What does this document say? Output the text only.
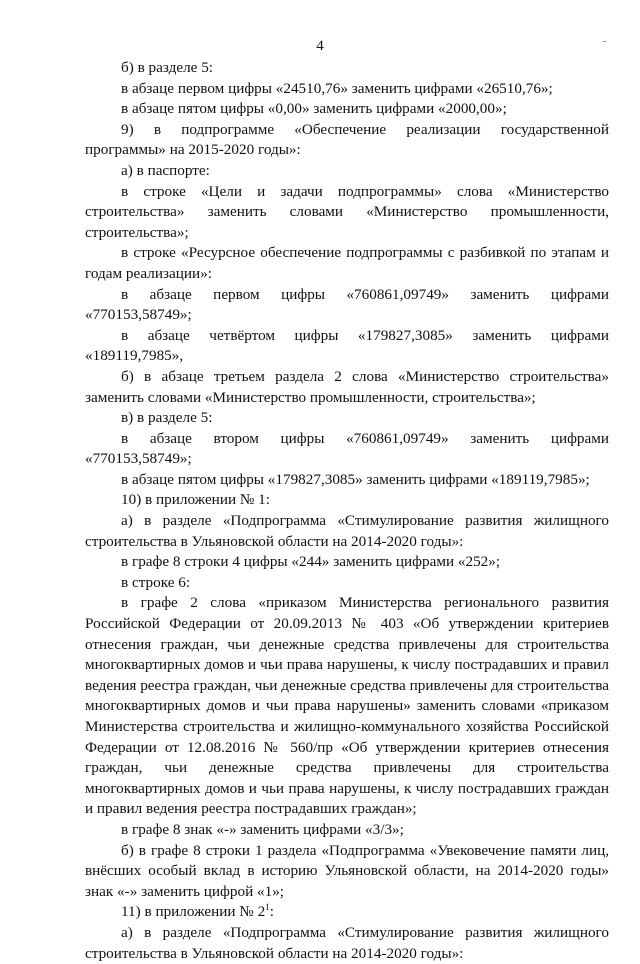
4	-

б) в разделе 5:

в абзаце первом цифры «24510,76» заменить цифрами «26510,76»;

в абзаце пятом цифры «0,00» заменить цифрами «2000,00»;

9) в подпрограмме «Обеспечение реализации государственной программы» на 2015-2020 годы»:

а) в паспорте:

в строке «Цели и задачи подпрограммы» слова «Министерство строительства» заменить словами «Министерство промышленности, строительства»;

в строке «Ресурсное обеспечение подпрограммы с разбивкой по этапам и годам реализации»:

в абзаце первом цифры «760861,09749» заменить цифрами «770153,58749»;

в абзаце четвёртом цифры «179827,3085» заменить цифрами «189119,7985»,

б) в абзаце третьем раздела 2 слова «Министерство строительства» заменить словами «Министерство промышленности, строительства»;

в) в разделе 5:

в абзаце втором цифры «760861,09749» заменить цифрами «770153,58749»;

в абзаце пятом цифры «179827,3085» заменить цифрами «189119,7985»;

10) в приложении № 1:

а) в разделе «Подпрограмма «Стимулирование развития жилищного строительства в Ульяновской области на 2014-2020 годы»:

в графе 8 строки 4 цифры «244» заменить цифрами «252»;

в строке 6:

в графе 2 слова «приказом Министерства регионального развития Российской Федерации от 20.09.2013 № 403 «Об утверждении критериев отнесения граждан, чьи денежные средства привлечены для строительства многоквартирных домов и чьи права нарушены, к числу пострадавших и правил ведения реестра граждан, чьи денежные средства привлечены для строительства многоквартирных домов и чьи права нарушены» заменить словами «приказом Министерства строительства и жилищно-коммунального хозяйства Российской Федерации от 12.08.2016 № 560/пр «Об утверждении критериев отнесения граждан, чьи денежные средства привлечены для строительства многоквартирных домов и чьи права нарушены, к числу пострадавших граждан и правил ведения реестра пострадавших граждан»;

в графе 8 знак «-» заменить цифрами «3/3»;

б) в графе 8 строки 1 раздела «Подпрограмма «Увековечение памяти лиц, внёсших особый вклад в историю Ульяновской области, на 2014-2020 годы» знак «-» заменить цифрой «1»;

11) в приложении № $2^1$:

а) в разделе «Подпрограмма «Стимулирование развития жилищного строительства в Ульяновской области на 2014-2020 годы»:
